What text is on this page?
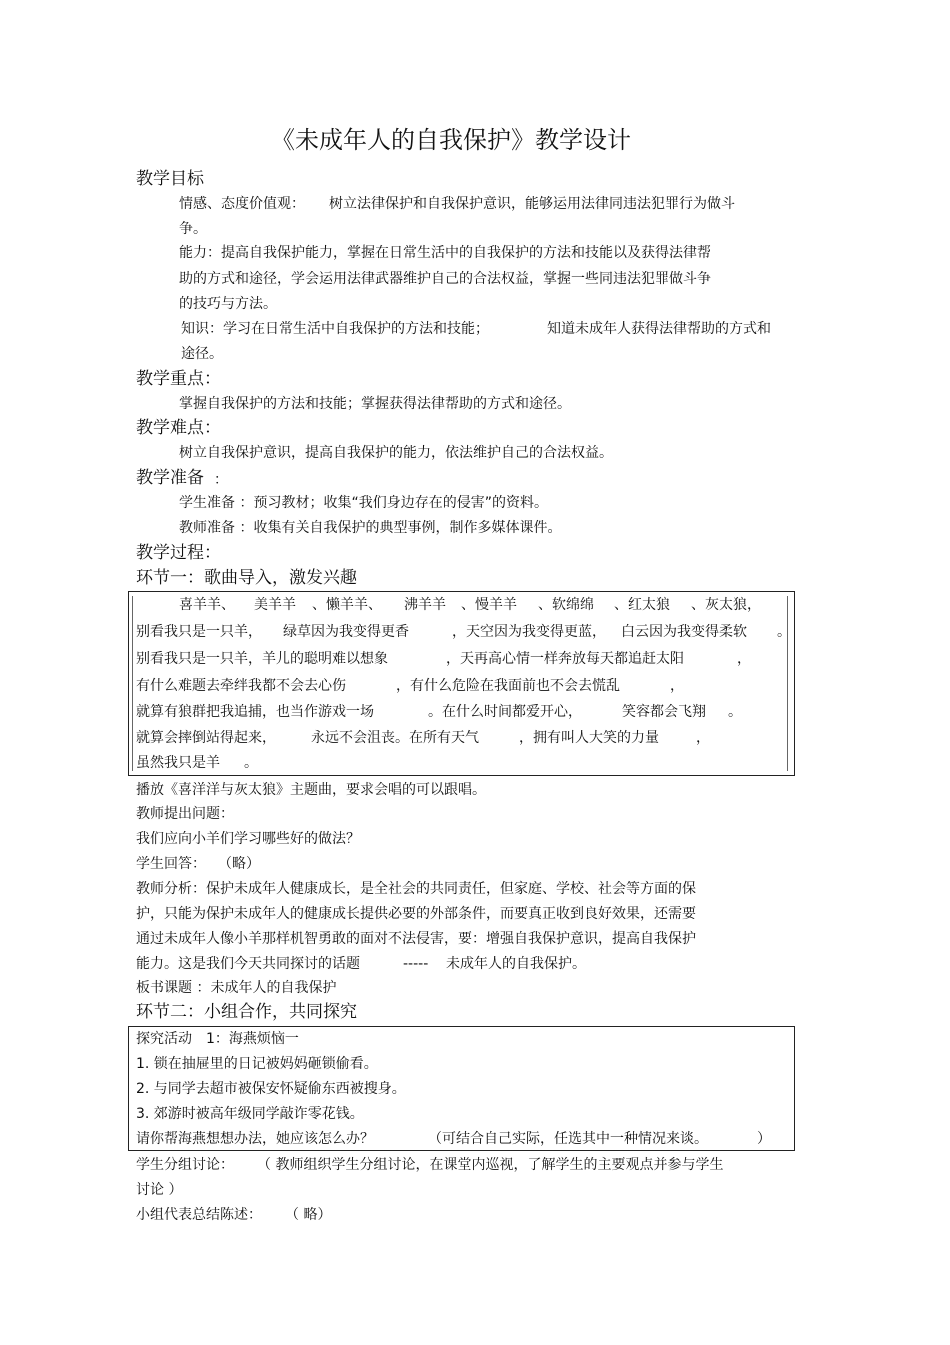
《未成年人的自我保护》教学设计
教学目标
情感、态度价值观： 树立法律保护和自我保护意识，能够运用法律同违法犯罪行为做斗
争。
能力：提高自我保护能力，掌握在日常生活中的自我保护的方法和技能以及获得法律帮
助的方式和途径，学会运用法律武器维护自己的合法权益，掌握一些同违法犯罪做斗争
的技巧与方法。
知识：学习在日常生活中自我保护的方法和技能；	知道未成年人获得法律帮助的方式和
途径。
教学重点：
掌握自我保护的方法和技能；掌握获得法律帮助的方式和途径。
教学难点：
树立自我保护意识，提高自我保护的能力，依法维护自己的合法权益。
教学准备 ：
学生准备 ：预习教材；收集“我们身边存在的侵害”的资料。
教师准备 ：收集有关自我保护的典型事例，制作多媒体课件。
教学过程：
环节一：歌曲导入，激发兴趣
喜羊羊、 美羊羊 、懒羊羊、 沸羊羊 、慢羊羊 、软绵绵 、红太狼 、灰太狼，
别看我只是一只羊， 绿草因为我变得更香	，天空因为我变得更蓝， 白云因为我变得柔软 。
别看我只是一只羊，羊儿的聪明难以想象	，天再高心情一样奔放每天都追赶太阳	，
有什么难题去牵绊我都不会去心伤	，有什么危险在我面前也不会去慌乱	，
就算有狼群把我追捕，也当作游戏一场	。在什么时间都爱开心，	笑容都会飞翔 。
就算会摔倒站得起来，	永远不会沮丧。在所有天气	，拥有叫人大笑的力量	，
虽然我只是羊 。
播放《喜洋洋与灰太狼》主题曲，要求会唱的可以跟唱。
教师提出问题：
我们应向小羊们学习哪些好的做法？
学生回答： （略）
教师分析：保护未成年人健康成长，是全社会的共同责任，但家庭、学校、社会等方面的保
护，只能为保护未成年人的健康成长提供必要的外部条件，而要真正收到良好效果，还需要
通过未成年人像小羊那样机智勇敢的面对不法侵害，要：增强自我保护意识，提高自我保护
能力。这是我们今天共同探讨的话题	----- 未成年人的自我保护。
板书课题 ：未成年人的自我保护
环节二：小组合作，共同探究
探究活动　1：海燕烦恼一
1. 锁在抽屉里的日记被妈妈砸锁偷看。
2. 与同学去超市被保安怀疑偷东西被搜身。
3. 郊游时被高年级同学敲诈零花钱。
请你帮海燕想想办法，她应该怎么办？	（可结合自己实际，任选其中一种情况来谈。	）
学生分组讨论： （ 教师组织学生分组讨论，在课堂内巡视，了解学生的主要观点并参与学生
讨论 ）
小组代表总结陈述： （ 略）
